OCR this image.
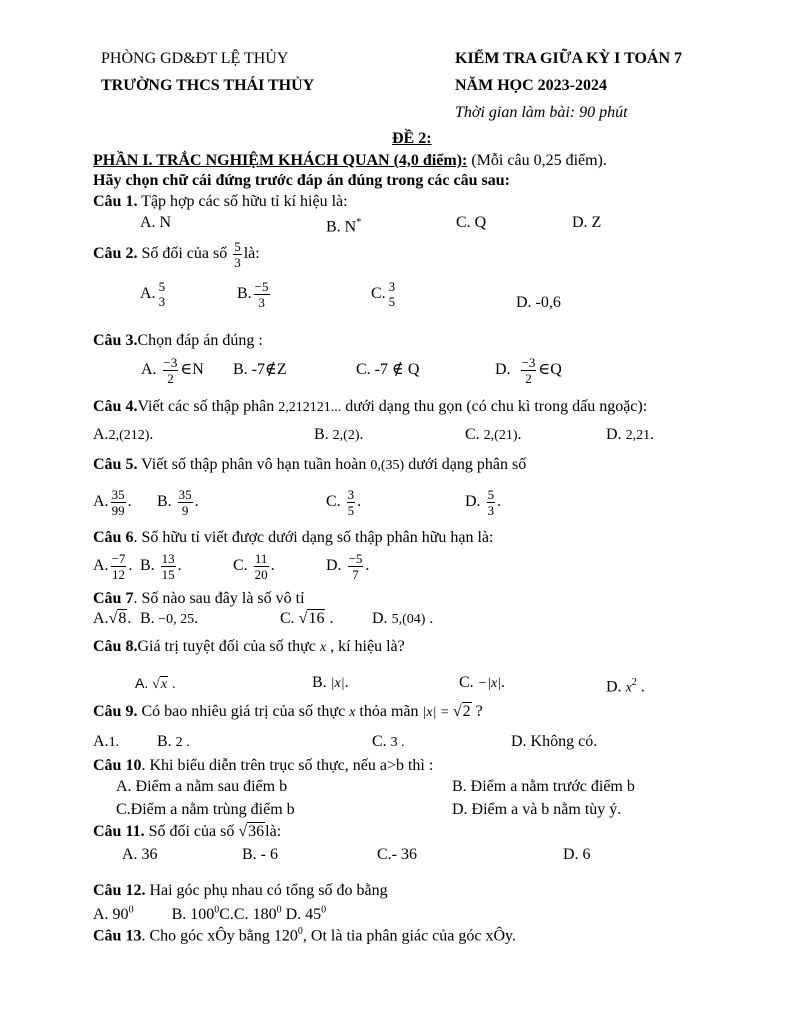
PHÒNG GD&ĐT LỆ THỦY
TRƯỜNG THCS THÁI THỦY
KIỂM TRA GIỮA KỲ I TOÁN 7
NĂM HỌC 2023-2024
Thời gian làm bài: 90 phút
ĐỀ 2:
PHẦN I. TRẮC NGHIỆM KHÁCH QUAN (4,0 điểm): (Mỗi câu 0,25 điểm).
Hãy chọn chữ cái đứng trước đáp án đúng trong các câu sau:
Câu 1. Tập hợp các số hữu tỉ kí hiệu là:
A. N	B. N*	C. Q	D. Z
Câu 2. Số đối của số $\frac{5}{3}$ là:
A. 5
3	B. $\frac{-5}{3}$	C. 3
5	D. -0,6
Câu 3.Chọn đáp án đúng :
A. $\frac{-3}{2}$ ∈N B. -7∉Z	C. -7 ∉ Q	D. $\frac{-3}{2}$ ∈Q
Câu 4.Viết các số thập phân 2,212121... dưới dạng thu gọn (có chu kì trong dấu ngoặc):
A.2,(212).	B. 2,(2).	C. 2,(21).	D. 2,21.
Câu 5. Viết số thập phân vô hạn tuần hoàn 0,(35) dưới dạng phân số
A. $\frac{35}{99}$ . B. $\frac{35}{9}$ .	C. $\frac{3}{5}$ .	D. $\frac{5}{3}$ .
Câu 6. Số hữu tỉ viết được dưới dạng số thập phân hữu hạn là:
A. $\frac{-7}{12}$ . B. $\frac{13}{15}$ .	C. $\frac{11}{20}$ .	D. $\frac{-5}{7}$ .
Câu 7. Số nào sau đây là số vô tỉ
A.√8. B. −0, 25.	C. √16 . D. 5,(04) .
Câu 8.Giá trị tuyệt đối của số thực x , kí hiệu là?
A. √x .	B. |x|.	C. −|x|.	D. $x^2$ .
Câu 9. Có bao nhiêu giá trị của số thực x thỏa mãn |x| = √2 ?
A.1. B. 2 .	C. 3 .	D. Không có.
Câu 10. Khi biểu diễn trên trục số thực, nếu a>b thì :
A. Điểm a nằm sau điểm b	B. Điểm a nằm trước điểm b
C.Điểm a nằm trùng điểm b	D. Điểm a và b nằm tùy ý.
Câu 11. Số đối của số √36là:
A. 36	B. - 6	C.- 36	D. 6
Câu 12. Hai góc phụ nhau có tổng số đo bằng
A. $90^0$ B. $100^0C.C$. $180^0$ D. $45^0$
Câu 13. Cho góc xÔy bằng $120^0$, Ot là tia phân giác của góc xÔy.
